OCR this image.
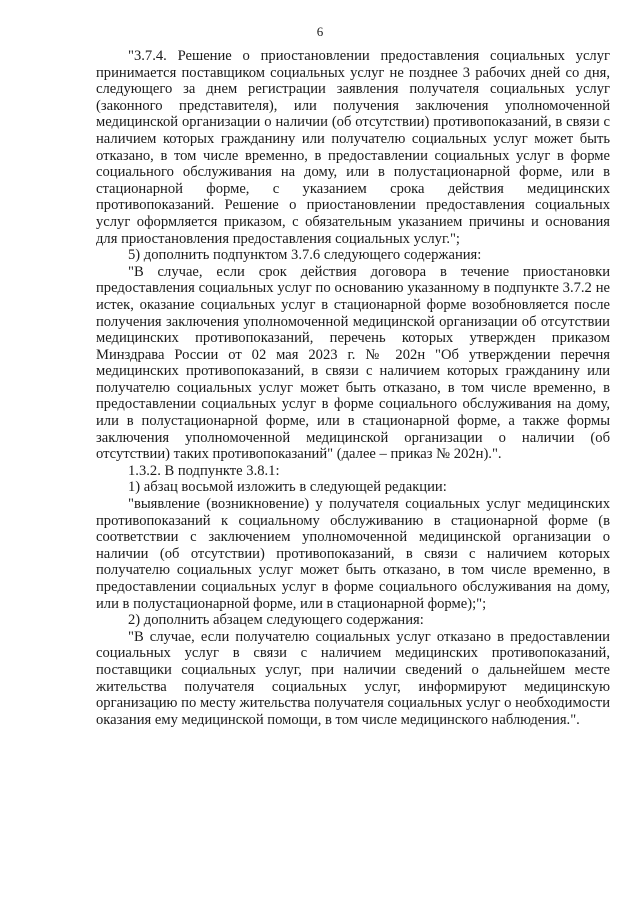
6

"3.7.4. Решение о приостановлении предоставления социальных услуг принимается поставщиком социальных услуг не позднее 3 рабочих дней со дня, следующего за днем регистрации заявления получателя социальных услуг (законного представителя), или получения заключения уполномоченной медицинской организации о наличии (об отсутствии) противопоказаний, в связи с наличием которых гражданину или получателю социальных услуг может быть отказано, в том числе временно, в предоставлении социальных услуг в форме социального обслуживания на дому, или в полустационарной форме, или в стационарной форме, с указанием срока действия медицинских противопоказаний. Решение о приостановлении предоставления социальных услуг оформляется приказом, с обязательным указанием причины и основания для приостановления предоставления социальных услуг.";

5) дополнить подпунктом 3.7.6 следующего содержания:

"В случае, если срок действия договора в течение приостановки предоставления социальных услуг по основанию указанному в подпункте 3.7.2 не истек, оказание социальных услуг в стационарной форме возобновляется после получения заключения уполномоченной медицинской организации об отсутствии медицинских противопоказаний, перечень которых утвержден приказом Минздрава России от 02 мая 2023 г. № 202н "Об утверждении перечня медицинских противопоказаний, в связи с наличием которых гражданину или получателю социальных услуг может быть отказано, в том числе временно, в предоставлении социальных услуг в форме социального обслуживания на дому, или в полустационарной форме, или в стационарной форме, а также формы заключения уполномоченной медицинской организации о наличии (об отсутствии) таких противопоказаний" (далее – приказ № 202н).".

1.3.2. В подпункте 3.8.1:

1) абзац восьмой изложить в следующей редакции:

"выявление (возникновение) у получателя социальных услуг медицинских противопоказаний к социальному обслуживанию в стационарной форме (в соответствии с заключением уполномоченной медицинской организации о наличии (об отсутствии) противопоказаний, в связи с наличием которых получателю социальных услуг может быть отказано, в том числе временно, в предоставлении социальных услуг в форме социального обслуживания на дому, или в полустационарной форме, или в стационарной форме);";

2) дополнить абзацем следующего содержания:

"В случае, если получателю социальных услуг отказано в предоставлении социальных услуг в связи с наличием медицинских противопоказаний, поставщики социальных услуг, при наличии сведений о дальнейшем месте жительства получателя социальных услуг, информируют медицинскую организацию по месту жительства получателя социальных услуг о необходимости оказания ему медицинской помощи, в том числе медицинского наблюдения.".
